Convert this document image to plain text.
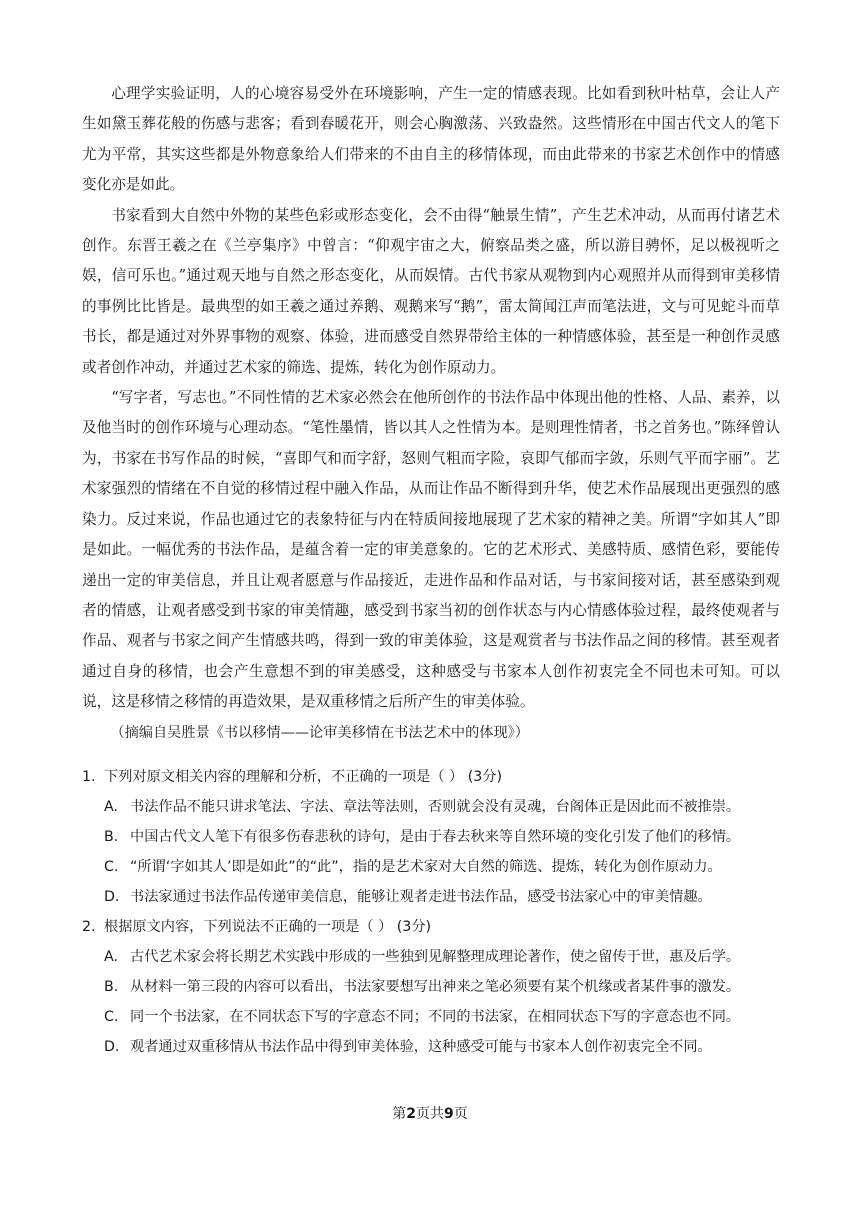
心理学实验证明，人的心境容易受外在环境影响，产生一定的情感表现。比如看到秋叶枯草，会让人产生如黛玉葬花般的伤感与悲客；看到春暖花开，则会心胸激荡、兴致盎然。这些情形在中国古代文人的笔下尤为平常，其实这些都是外物意象给人们带来的不由自主的移情体现，而由此带来的书家艺术创作中的情感变化亦是如此。

书家看到大自然中外物的某些色彩或形态变化，会不由得“触景生情”，产生艺术冲动，从而再付诸艺术创作。东晋王羲之在《兰亭集序》中曾言：“仰观宇宙之大，俯察品类之盛，所以游目骋怀，足以极视听之娱，信可乐也。”通过观天地与自然之形态变化，从而娱情。古代书家从观物到内心观照并从而得到审美移情的事例比比皆是。最典型的如王羲之通过养鹅、观鹅来写“鹅”，雷太简闻江声而笔法进，文与可见蛇斗而草书长，都是通过对外界事物的观察、体验，进而感受自然界带给主体的一种情感体验，甚至是一种创作灵感或者创作冲动，并通过艺术家的筛选、提炼，转化为创作原动力。

“写字者，写志也。”不同性情的艺术家必然会在他所创作的书法作品中体现出他的性格、人品、素养，以及他当时的创作环境与心理动态。“笔性墨情，皆以其人之性情为本。是则理性情者，书之首务也。”陈绎曾认为，书家在书写作品的时候，“喜即气和而字舒，怒则气粗而字险，哀即气郁而字敛，乐则气平而字丽”。艺术家强烈的情绪在不自觉的移情过程中融入作品，从而让作品不断得到升华，使艺术作品展现出更强烈的感染力。反过来说，作品也通过它的表象特征与内在特质间接地展现了艺术家的精神之美。所谓“字如其人”即是如此。一幅优秀的书法作品，是蕴含着一定的审美意象的。它的艺术形式、美感特质、感情色彩，要能传递出一定的审美信息，并且让观者愿意与作品接近，走进作品和作品对话，与书家间接对话，甚至感染到观者的情感，让观者感受到书家的审美情趣，感受到书家当初的创作状态与内心情感体验过程，最终使观者与作品、观者与书家之间产生情感共鸣，得到一致的审美体验，这是观赏者与书法作品之间的移情。甚至观者通过自身的移情，也会产生意想不到的审美感受，这种感受与书家本人创作初衷完全不同也未可知。可以说，这是移情之移情的再造效果，是双重移情之后所产生的审美体验。

（摘编自吴胜景《书以移情——论审美移情在书法艺术中的体现》）

1. 下列对原文相关内容的理解和分析，不正确的一项是（ ） (3分)

A. 书法作品不能只讲求笔法、字法、章法等法则，否则就会没有灵魂，台阁体正是因此而不被推崇。

B. 中国古代文人笔下有很多伤春悲秋的诗句，是由于春去秋来等自然环境的变化引发了他们的移情。

C. “所谓‘字如其人’即是如此”的“此”，指的是艺术家对大自然的筛选、提炼，转化为创作原动力。

D. 书法家通过书法作品传递审美信息，能够让观者走进书法作品，感受书法家心中的审美情趣。

2. 根据原文内容，下列说法不正确的一项是（ ） (3分)

A. 古代艺术家会将长期艺术实践中形成的一些独到见解整理成理论著作，使之留传于世，惠及后学。

B. 从材料一第三段的内容可以看出，书法家要想写出神来之笔必须要有某个机缘或者某件事的激发。

C. 同一个书法家，在不同状态下写的字意态不同；不同的书法家，在相同状态下写的字意态也不同。

D. 观者通过双重移情从书法作品中得到审美体验，这种感受可能与书家本人创作初衷完全不同。

第2页共9页
